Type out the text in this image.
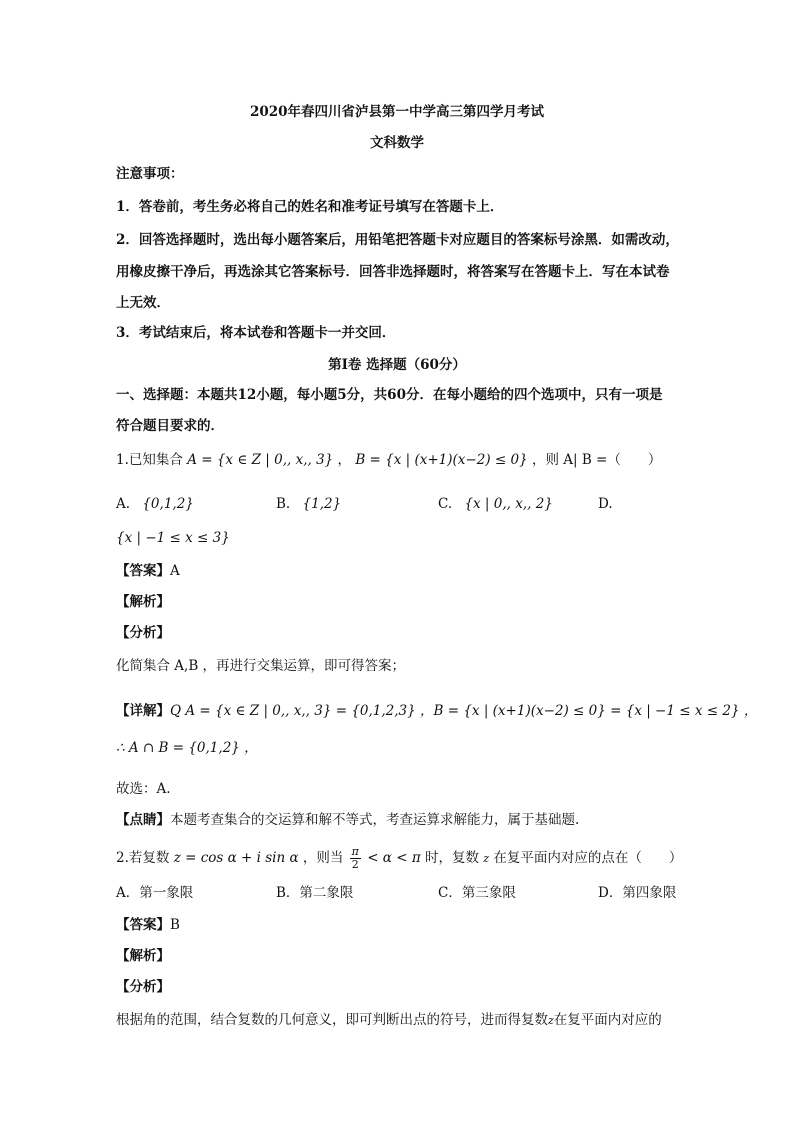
2020年春四川省泸县第一中学高三第四学月考试
文科数学
注意事项：
1．答卷前，考生务必将自己的姓名和准考证号填写在答题卡上．
2．回答选择题时，选出每小题答案后，用铅笔把答题卡对应题目的答案标号涂黑．如需改动，
用橡皮擦干净后，再选涂其它答案标号．回答非选择题时，将答案写在答题卡上．写在本试卷
上无效．
3．考试结束后，将本试卷和答题卡一并交回．
第Ⅰ卷 选择题（60分）
一、选择题：本题共12小题，每小题5分，共60分．在每小题给的四个选项中，只有一项是
符合题目要求的．
1.已知集合 A = {x ∈ Z | 0,, x,, 3} ， B = {x | (x+1)(x−2) ≤ 0} ，则 A| B =（　　）
A. {0,1,2}	B. {1,2}	C. {x | 0,, x,, 2}	D.
{x | −1 ≤ x ≤ 3}
【答案】A
【解析】
【分析】
化简集合 A,B ，再进行交集运算，即可得答案；
【详解】Q A = {x ∈ Z | 0,, x,, 3} = {0,1,2,3} ，B = {x | (x+1)(x−2) ≤ 0} = {x | −1 ≤ x ≤ 2} ，
∴ A ∩ B = {0,1,2} ，
故选：A.
【点睛】本题考查集合的交运算和解不等式，考查运算求解能力，属于基础题.
2.若复数 z = cos α + i sin α ，则当 $\frac{\pi}{2} < \alpha < \pi$ 时，复数 z 在复平面内对应的点在（　　）
A．第一象限	B．第二象限	C．第三象限	D．第四象限
【答案】B
【解析】
【分析】
根据角的范围，结合复数的几何意义，即可判断出点的符号，进而得复数z在复平面内对应的
